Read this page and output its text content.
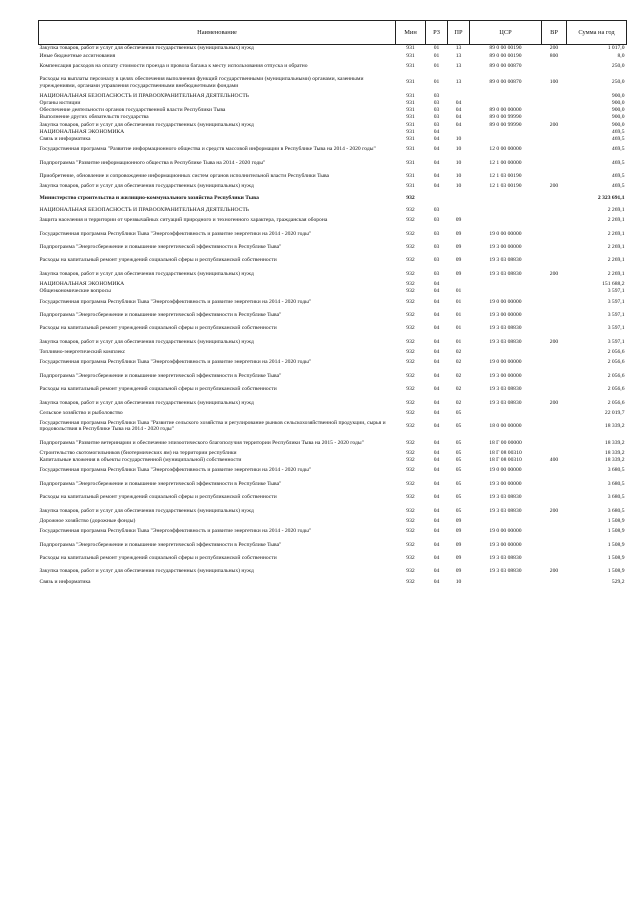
Наименование	Мин	РЗ	ПР	ЦСР	ВР	Сумма на год
Закупка товаров, работ и услуг для обеспечения государственных (муниципальных) нужд	931	01	13	89 0 00 00190	200	1 017,0
Иные бюджетные ассигнования	931	01	13	89 0 00 00190	800	8,0
Компенсация расходов на оплату стоимости проезда и провоза багажа к месту использования отпуска и обратно	931	01	13	89 0 00 00870		250,0
Расходы на выплаты персоналу в целях обеспечения выполнения функций государственными (муниципальными) органами, казенными учреждениями, органами управления государственными внебюджетными фондами	931	01	13	89 0 00 00870	100	250,0
НАЦИОНАЛЬНАЯ БЕЗОПАСНОСТЬ И ПРАВООХРАНИТЕЛЬНАЯ ДЕЯТЕЛЬНОСТЬ	931	03				900,0
Органы юстиции	931	03	04			900,0
Обеспечение деятельности органов государственной власти Республики Тыва	931	03	04	89 0 00 00000		900,0
Выполнение других обязательств государства	931	03	04	89 0 00 99990		900,0
Закупка товаров, работ и услуг для обеспечения государственных (муниципальных) нужд	931	03	04	89 0 00 99990	200	900,0
НАЦИОНАЛЬНАЯ ЭКОНОМИКА	931	04				469,5
Связь и информатика	931	04	10			469,5
Государственная программа "Развитие информационного общества и средств массовой информации в Республике Тыва на 2014 - 2020 годы"	931	04	10	12 0 00 00000		469,5
Подпрограмма "Развитие информационного общества в Республике Тыва на 2014 - 2020 годы"	931	04	10	12 1 00 00000		469,5
Приобретение, обновление и сопровождение информационных систем органов исполнительной власти Республики Тыва	931	04	10	12 1 03 00190		469,5
Закупка товаров, работ и услуг для обеспечения государственных (муниципальных) нужд	931	04	10	12 1 03 00190	200	469,5
Министерство строительства и жилищно-коммунального хозяйства Республики Тыва	932					2 323 691,1
НАЦИОНАЛЬНАЯ БЕЗОПАСНОСТЬ И ПРАВООХРАНИТЕЛЬНАЯ ДЕЯТЕЛЬНОСТЬ	932	03				2 269,1
Защита населения и территории от чрезвычайных ситуаций природного и техногенного характера, гражданская оборона	932	03	09			2 269,1
Государственная программа Республики Тыва "Энергоэффективность и развитие энергетики на 2014 - 2020 годы"	932	03	09	19 0 00 00000		2 269,1
Подпрограмма "Энергосбережение и повышение энергетической эффективности в Республике Тыва"	932	03	09	19 3 00 00000		2 269,1
Расходы на капитальный ремонт учреждений социальной сферы и республиканской собственности	932	03	09	19 3 03 08830		2 269,1
Закупка товаров, работ и услуг для обеспечения государственных (муниципальных) нужд	932	03	09	19 3 03 08830	200	2 269,1
НАЦИОНАЛЬНАЯ ЭКОНОМИКА	932	04				151 688,2
Общеэкономические вопросы	932	04	01			3 597,1
Государственная программа Республики Тыва "Энергоэффективность и развитие энергетики на 2014 - 2020 годы"	932	04	01	19 0 00 00000		3 597,1
Подпрограмма "Энергосбережение и повышение энергетической эффективности в Республике Тыва"	932	04	01	19 3 00 00000		3 597,1
Расходы на капитальный ремонт учреждений социальной сферы и республиканской собственности	932	04	01	19 3 03 08830		3 597,1
Закупка товаров, работ и услуг для обеспечения государственных (муниципальных) нужд	932	04	01	19 3 03 08830	200	3 597,1
Топливно-энергетический комплекс	932	04	02			2 056,6
Государственная программа Республики Тыва "Энергоэффективность и развитие энергетики на 2014 - 2020 годы"	932	04	02	19 0 00 00000		2 056,6
Подпрограмма "Энергосбережение и повышение энергетической эффективности в Республике Тыва"	932	04	02	19 3 00 00000		2 056,6
Расходы на капитальный ремонт учреждений социальной сферы и республиканской собственности	932	04	02	19 3 03 08830		2 056,6
Закупка товаров, работ и услуг для обеспечения государственных (муниципальных) нужд	932	04	02	19 3 03 08830	200	2 056,6
Сельское хозяйство и рыболовство	932	04	05			22 019,7
Государственная программа Республики Тыва "Развитие сельского хозяйства и регулирование рынков сельскохозяйственной продукции, сырья и продовольствия в Республике Тыва на 2014 - 2020 годы"	932	04	05	18 0 00 00000		18 339,2
Подпрограмма "Развитие ветеринарии и обеспечение эпизоотического благополучия территории Республики Тыва на 2015 - 2020 годы"	932	04	05	18 Г 00 00000		18 339,2
Строительство скотомогильников (биотермических ям) на территории республики	932	04	05	18 Г 08 00310		18 339,2
Капитальные вложения в объекты государственной (муниципальной) собственности	932	04	05	18 Г 08 00310	400	18 339,2
Государственная программа Республики Тыва "Энергоэффективность и развитие энергетики на 2014 - 2020 годы"	932	04	05	19 0 00 00000		3 680,5
Подпрограмма "Энергосбережение и повышение энергетической эффективности в Республике Тыва"	932	04	05	19 3 00 00000		3 680,5
Расходы на капитальный ремонт учреждений социальной сферы и республиканской собственности	932	04	05	19 3 03 08830		3 680,5
Закупка товаров, работ и услуг для обеспечения государственных (муниципальных) нужд	932	04	05	19 3 03 08830	200	3 680,5
Дорожное хозяйство (дорожные фонды)	932	04	09			1 508,9
Государственная программа Республики Тыва "Энергоэффективность и развитие энергетики на 2014 - 2020 годы"	932	04	09	19 0 00 00000		1 508,9
Подпрограмма "Энергосбережение и повышение энергетической эффективности в Республике Тыва"	932	04	09	19 3 00 00000		1 508,9
Расходы на капитальный ремонт учреждений социальной сферы и республиканской собственности	932	04	09	19 3 03 08830		1 508,9
Закупка товаров, работ и услуг для обеспечения государственных (муниципальных) нужд	932	04	09	19 3 03 08830	200	1 508,9
Связь и информатика	932	04	10			529,2
